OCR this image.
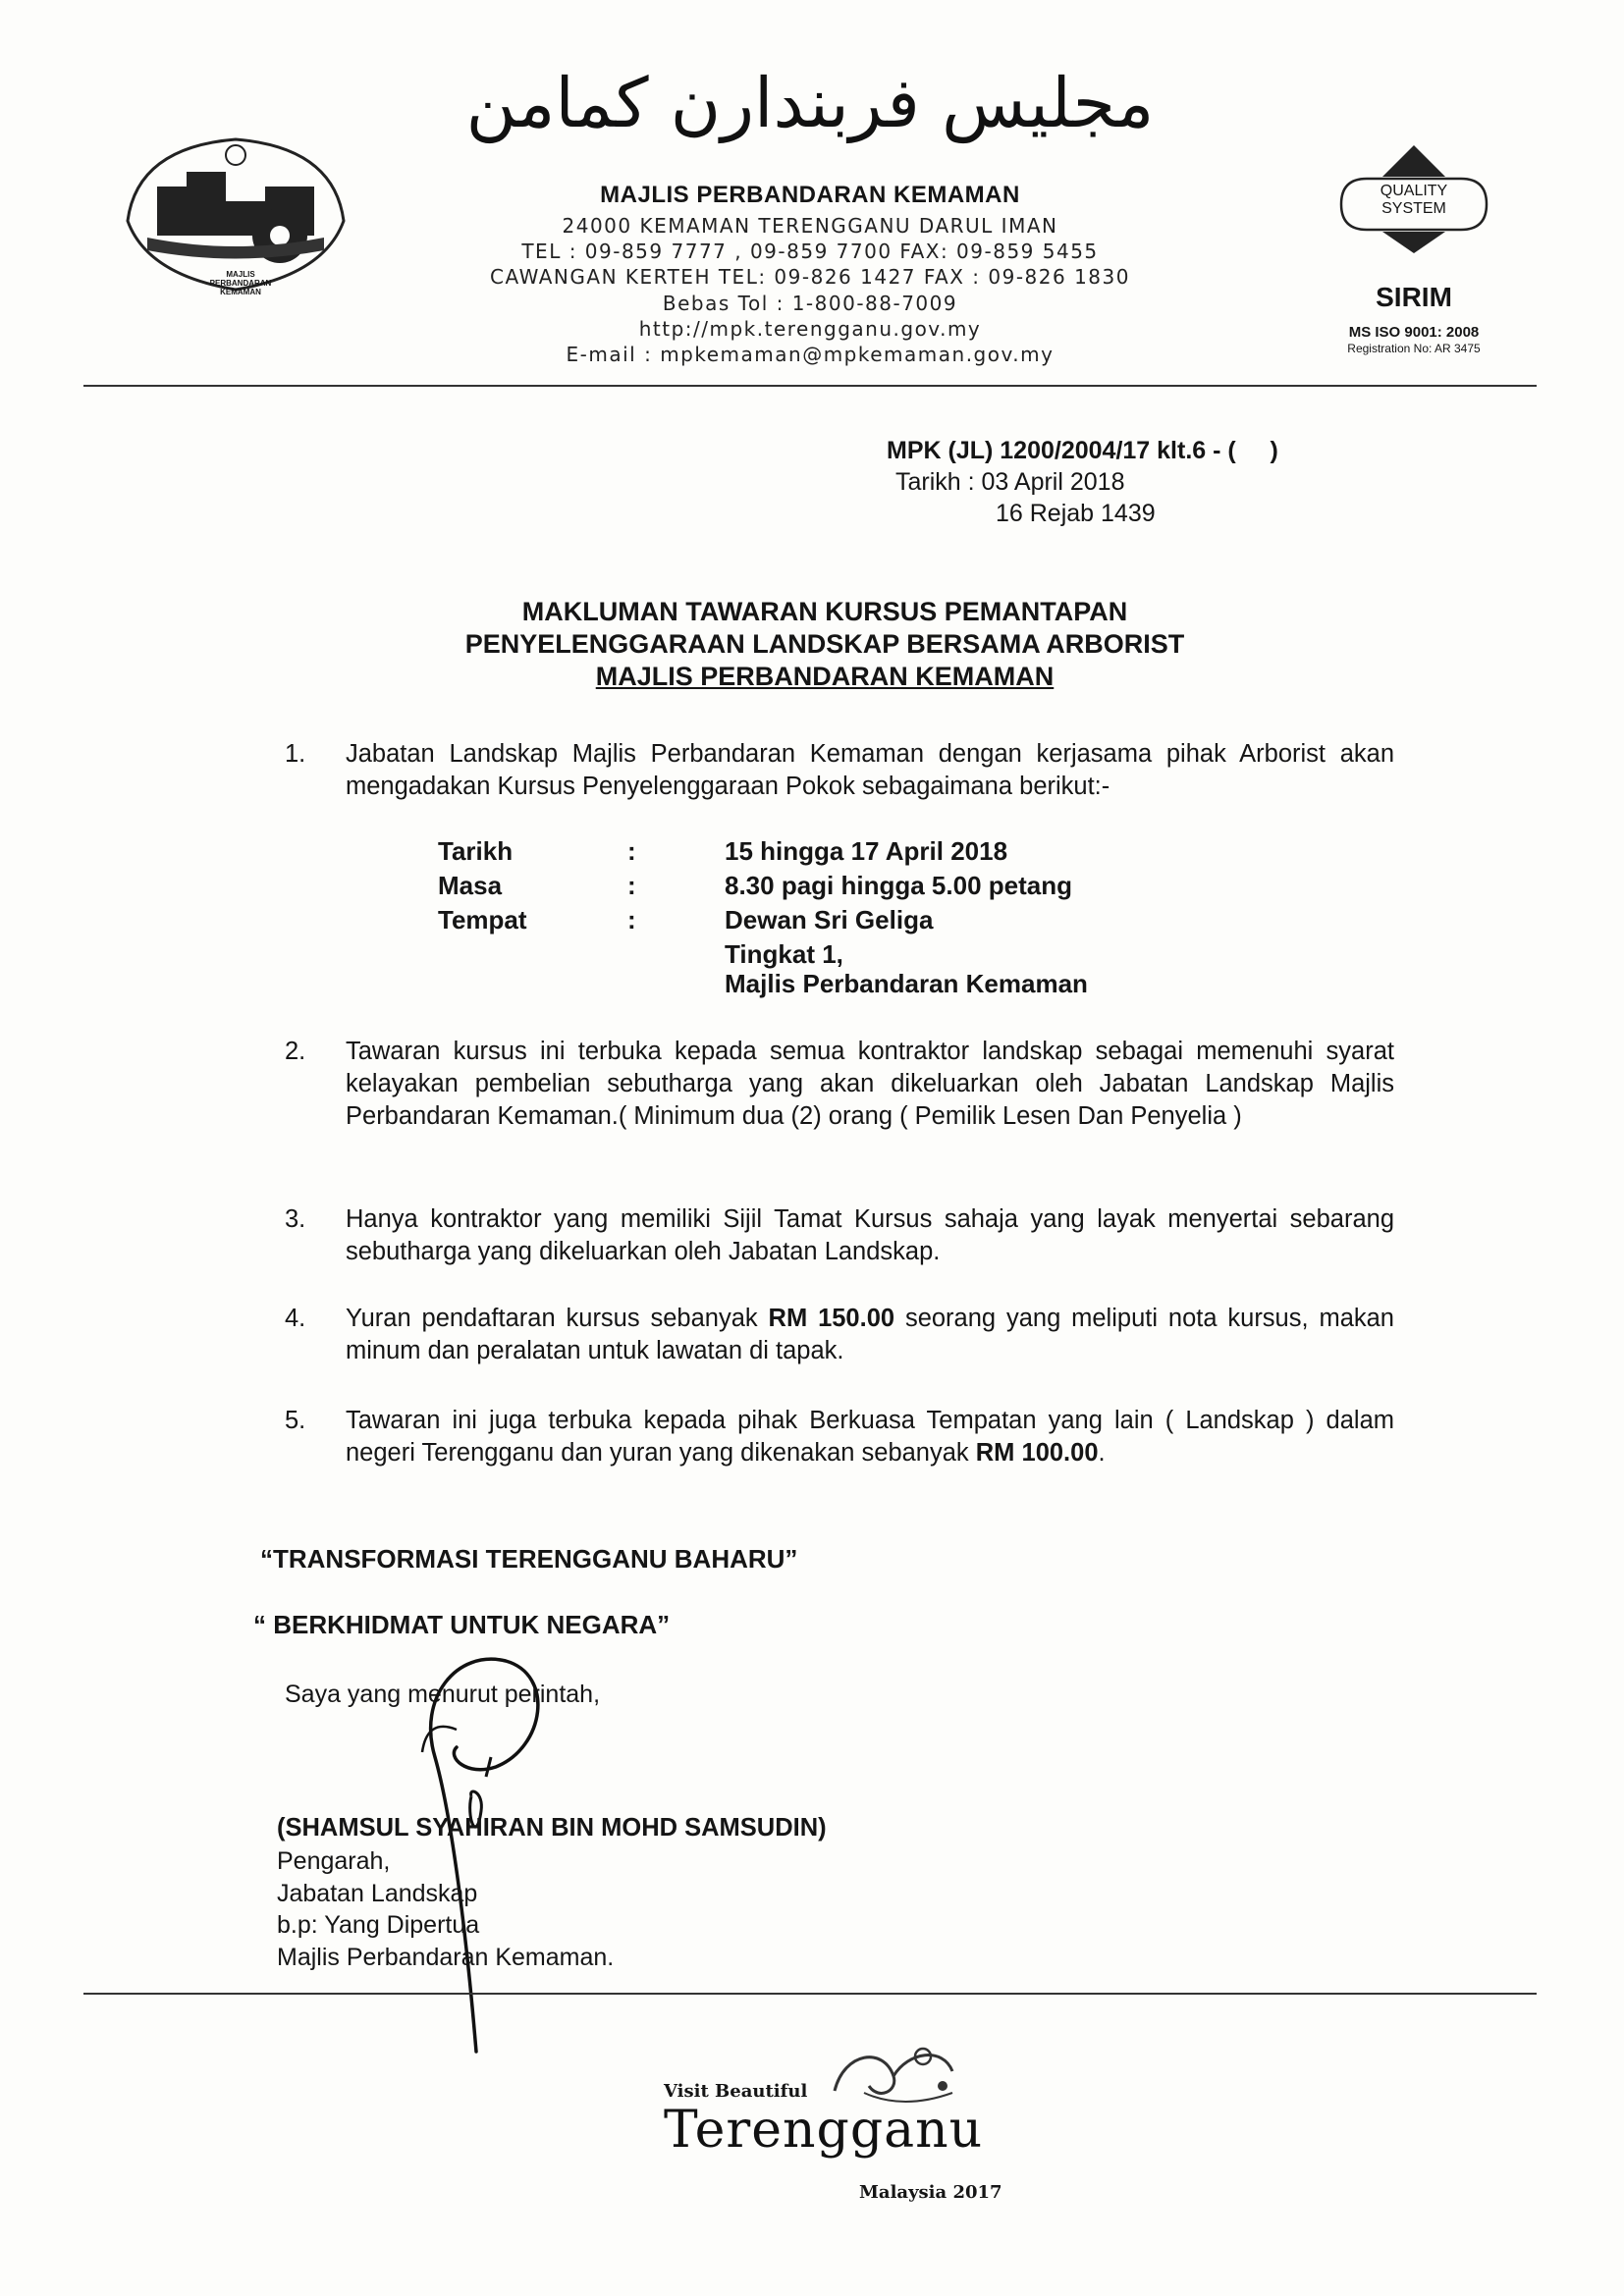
MAJLIS PERBANDARAN KEMAMAN
مجليس فربندارن كمامن
MAJLIS PERBANDARAN KEMAMAN
24000 KEMAMAN TERENGGANU DARUL IMAN
TEL : 09-859 7777 , 09-859 7700 FAX: 09-859 5455
CAWANGAN KERTEH TEL: 09-826 1427 FAX : 09-826 1830
Bebas Tol : 1-800-88-7009
http://mpk.terengganu.gov.my
E-mail : mpkemaman@mpkemaman.gov.my
QUALITY SYSTEM
SIRIM
MS ISO 9001: 2008
Registration No: AR 3475
MPK (JL) 1200/2004/17 klt.6 - (     )
Tarikh : 03 April 2018
16 Rejab 1439
MAKLUMAN TAWARAN KURSUS PEMANTAPAN
PENYELENGGARAAN LANDSKAP BERSAMA ARBORIST
MAJLIS PERBANDARAN KEMAMAN
1. Jabatan Landskap Majlis Perbandaran Kemaman dengan kerjasama pihak Arborist akan mengadakan Kursus Penyelenggaraan Pokok sebagaimana berikut:-
Tarikh	:	15 hingga 17 April 2018
Masa	:	8.30 pagi hingga 5.00 petang
Tempat	:	Dewan Sri Geliga
Tingkat 1,
Majlis Perbandaran Kemaman
2. Tawaran kursus ini terbuka kepada semua kontraktor landskap sebagai memenuhi syarat kelayakan pembelian sebutharga yang akan dikeluarkan oleh Jabatan Landskap Majlis Perbandaran Kemaman.( Minimum dua (2) orang ( Pemilik Lesen Dan Penyelia )
3. Hanya kontraktor yang memiliki Sijil Tamat Kursus sahaja yang layak menyertai sebarang sebutharga yang dikeluarkan oleh Jabatan Landskap.
4. Yuran pendaftaran kursus sebanyak RM 150.00 seorang yang meliputi nota kursus, makan minum dan peralatan untuk lawatan di tapak.
5. Tawaran ini juga terbuka kepada pihak Berkuasa Tempatan yang lain ( Landskap ) dalam negeri Terengganu dan yuran yang dikenakan sebanyak RM 100.00.
“TRANSFORMASI TERENGGANU BAHARU”
“ BERKHIDMAT UNTUK NEGARA”
Saya yang menurut perintah,
(SHAMSUL SYAHIRAN BIN MOHD SAMSUDIN)
Pengarah,
Jabatan Landskap
b.p: Yang Dipertua
Majlis Perbandaran Kemaman.
Visit Beautiful
Terengganu
Malaysia 2017
